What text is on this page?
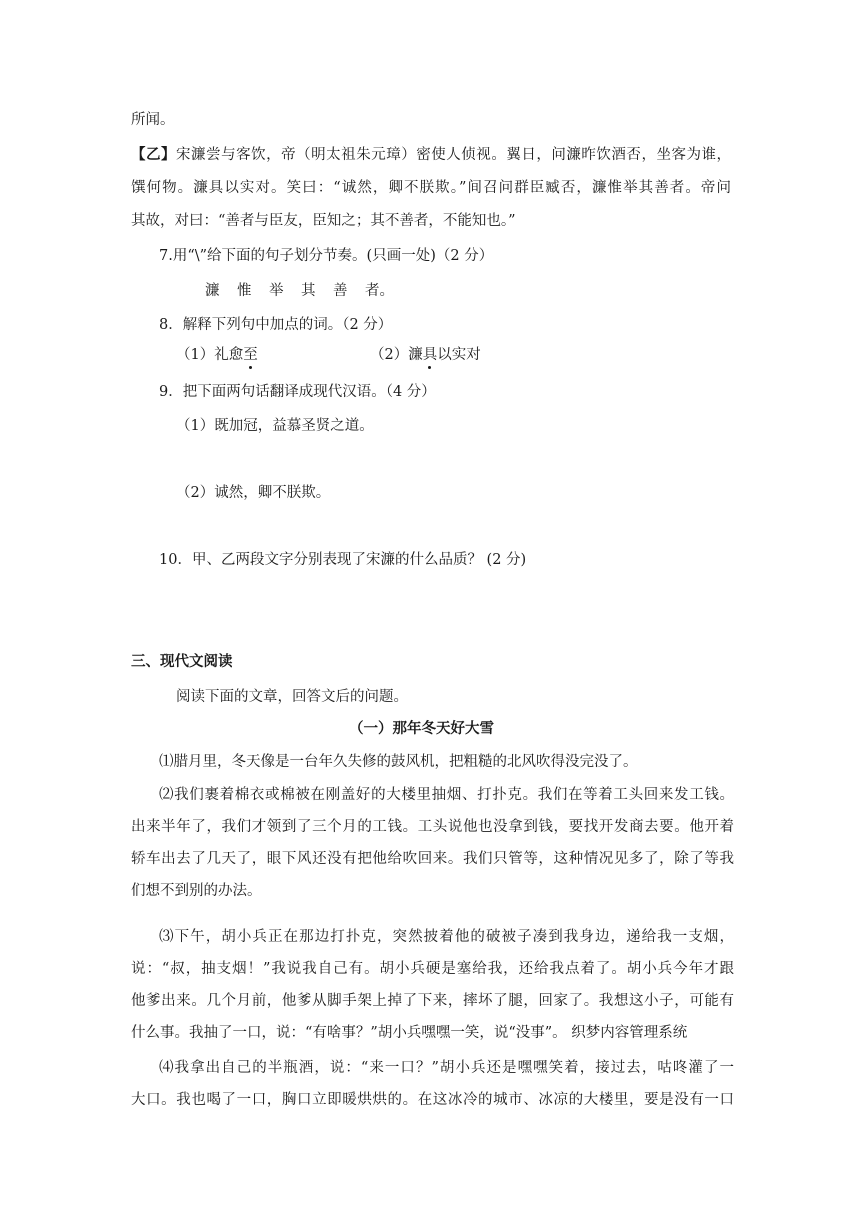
所闻。
【乙】宋濂尝与客饮，帝（明太祖朱元璋）密使人侦视。翼日，问濂昨饮酒否，坐客为谁，
馔何物。濂具以实对。笑曰：“诚然，卿不朕欺。”间召问群臣臧否，濂惟举其善者。帝问
其故，对曰：“善者与臣友，臣知之；其不善者，不能知也。”
7.用“\”给下面的句子划分节奏。(只画一处)（2 分）
濂 惟 举 其 善 者。
8．解释下列句中加点的词。（2 分）
（1）礼愈至	（2）濂具以实对
9．把下面两句话翻译成现代汉语。（4 分）
（1）既加冠，益慕圣贤之道。
（2）诚然，卿不朕欺。
10．甲、乙两段文字分别表现了宋濂的什么品质？ (2 分)
三、现代文阅读
阅读下面的文章，回答文后的问题。
（一）那年冬天好大雪
⑴腊月里，冬天像是一台年久失修的鼓风机，把粗糙的北风吹得没完没了。
⑵我们裹着棉衣或棉被在刚盖好的大楼里抽烟、打扑克。我们在等着工头回来发工钱。
出来半年了，我们才领到了三个月的工钱。工头说他也没拿到钱，要找开发商去要。他开着
轿车出去了几天了，眼下风还没有把他给吹回来。我们只管等，这种情况见多了，除了等我
们想不到别的办法。
⑶下午，胡小兵正在那边打扑克，突然披着他的破被子凑到我身边，递给我一支烟，
说：“叔，抽支烟！”我说我自己有。胡小兵硬是塞给我，还给我点着了。胡小兵今年才跟
他爹出来。几个月前，他爹从脚手架上掉了下来，摔坏了腿，回家了。我想这小子，可能有
什么事。我抽了一口，说：“有啥事？”胡小兵嘿嘿一笑，说“没事”。 织梦内容管理系统
⑷我拿出自己的半瓶酒，说：“来一口？”胡小兵还是嘿嘿笑着，接过去，咕咚灌了一
大口。我也喝了一口，胸口立即暖烘烘的。在这冰冷的城市、冰凉的大楼里，要是没有一口
